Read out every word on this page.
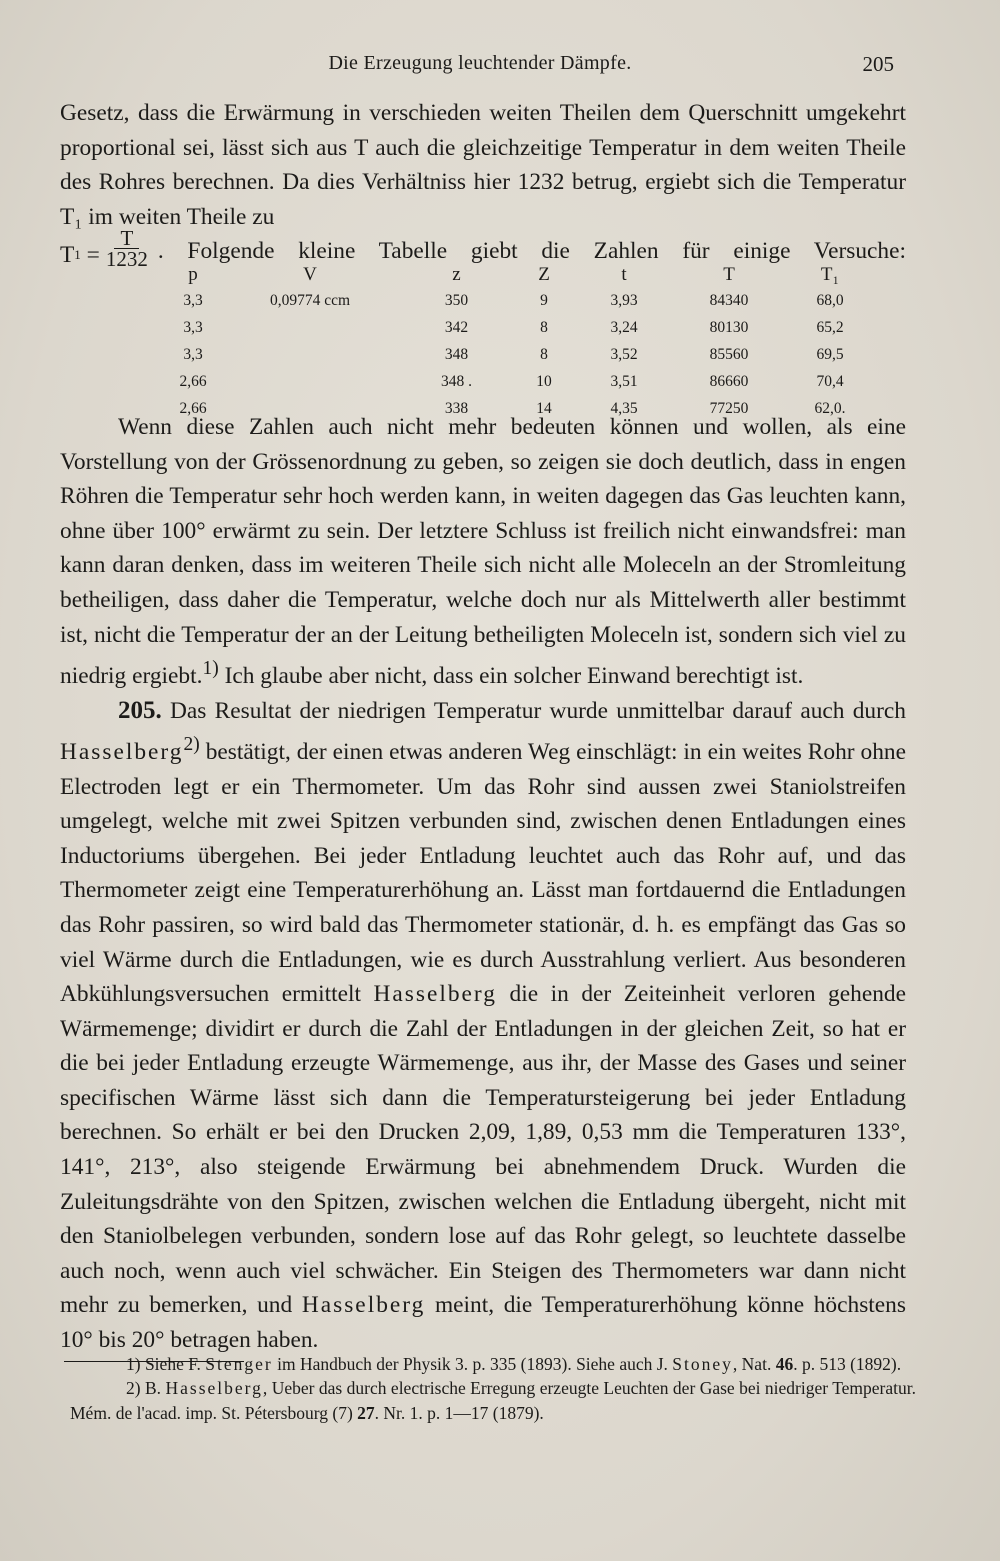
Die Erzeugung leuchtender Dämpfe.	205

Gesetz, dass die Erwärmung in verschieden weiten Theilen dem Querschnitt umgekehrt proportional sei, lässt sich aus T auch die gleichzeitige Temperatur in dem weiten Theile des Rohres berechnen. Da dies Verhältniss hier 1232 betrug, ergiebt sich die Temperatur T₁ im weiten Theile zu

T 1
= $\frac{T}{1232}$ . Folgende kleine Tabelle giebt die Zahlen für einige Versuche:
p	V	z	Z	t	T	T₁
3,3	0,09774 ccm	350	9	3,93	84340	68,0
3,3		342	8	3,24	80130	65,2
3,3		348	8	3,52	85560	69,5
2,66		348 .	10	3,51	86660	70,4
2,66		338	14	4,35	77250	62,0.

Wenn diese Zahlen auch nicht mehr bedeuten können und wollen, als eine Vorstellung von der Grössenordnung zu geben, so zeigen sie doch deutlich, dass in engen Röhren die Temperatur sehr hoch werden kann, in weiten dagegen das Gas leuchten kann, ohne über 100° erwärmt zu sein. Der letztere Schluss ist freilich nicht einwandsfrei: man kann daran denken, dass im weiteren Theile sich nicht alle Moleceln an der Stromleitung betheiligen, dass daher die Temperatur, welche doch nur als Mittelwerth aller bestimmt ist, nicht die Temperatur der an der Leitung betheiligten Moleceln ist, sondern sich viel zu niedrig ergiebt.$^{1)}$ Ich glaube aber nicht, dass ein solcher Einwand berechtigt ist.

205. Das Resultat der niedrigen Temperatur wurde unmittelbar darauf auch durch Hasselberg$^{2)}$ bestätigt, der einen etwas anderen Weg einschlägt: in ein weites Rohr ohne Electroden legt er ein Thermometer. Um das Rohr sind aussen zwei Staniolstreifen umgelegt, welche mit zwei Spitzen verbunden sind, zwischen denen Entladungen eines Inductoriums übergehen. Bei jeder Entladung leuchtet auch das Rohr auf, und das Thermometer zeigt eine Temperaturerhöhung an. Lässt man fortdauernd die Entladungen das Rohr passiren, so wird bald das Thermometer stationär, d. h. es empfängt das Gas so viel Wärme durch die Entladungen, wie es durch Ausstrahlung verliert. Aus besonderen Abkühlungsversuchen ermittelt Hasselberg die in der Zeiteinheit verloren gehende Wärmemenge; dividirt er durch die Zahl der Entladungen in der gleichen Zeit, so hat er die bei jeder Entladung erzeugte Wärmemenge, aus ihr, der Masse des Gases und seiner specifischen Wärme lässt sich dann die Temperatursteigerung bei jeder Entladung berechnen. So erhält er bei den Drucken 2,09, 1,89, 0,53 mm die Temperaturen 133°, 141°, 213°, also steigende Erwärmung bei abnehmendem Druck. Wurden die Zuleitungsdrähte von den Spitzen, zwischen welchen die Entladung übergeht, nicht mit den Staniolbelegen verbunden, sondern lose auf das Rohr gelegt, so leuchtete dasselbe auch noch, wenn auch viel schwächer. Ein Steigen des Thermometers war dann nicht mehr zu bemerken, und Hasselberg meint, die Temperaturerhöhung könne höchstens 10° bis 20° betragen haben.

1) Siehe F. Stenger im Handbuch der Physik 3. p. 335 (1893). Siehe auch J. Stoney, Nat. 46. p. 513 (1892).

2) B. Hasselberg, Ueber das durch electrische Erregung erzeugte Leuchten der Gase bei niedriger Temperatur. Mém. de l'acad. imp. St. Pétersbourg (7) 27. Nr. 1. p. 1—17 (1879).
